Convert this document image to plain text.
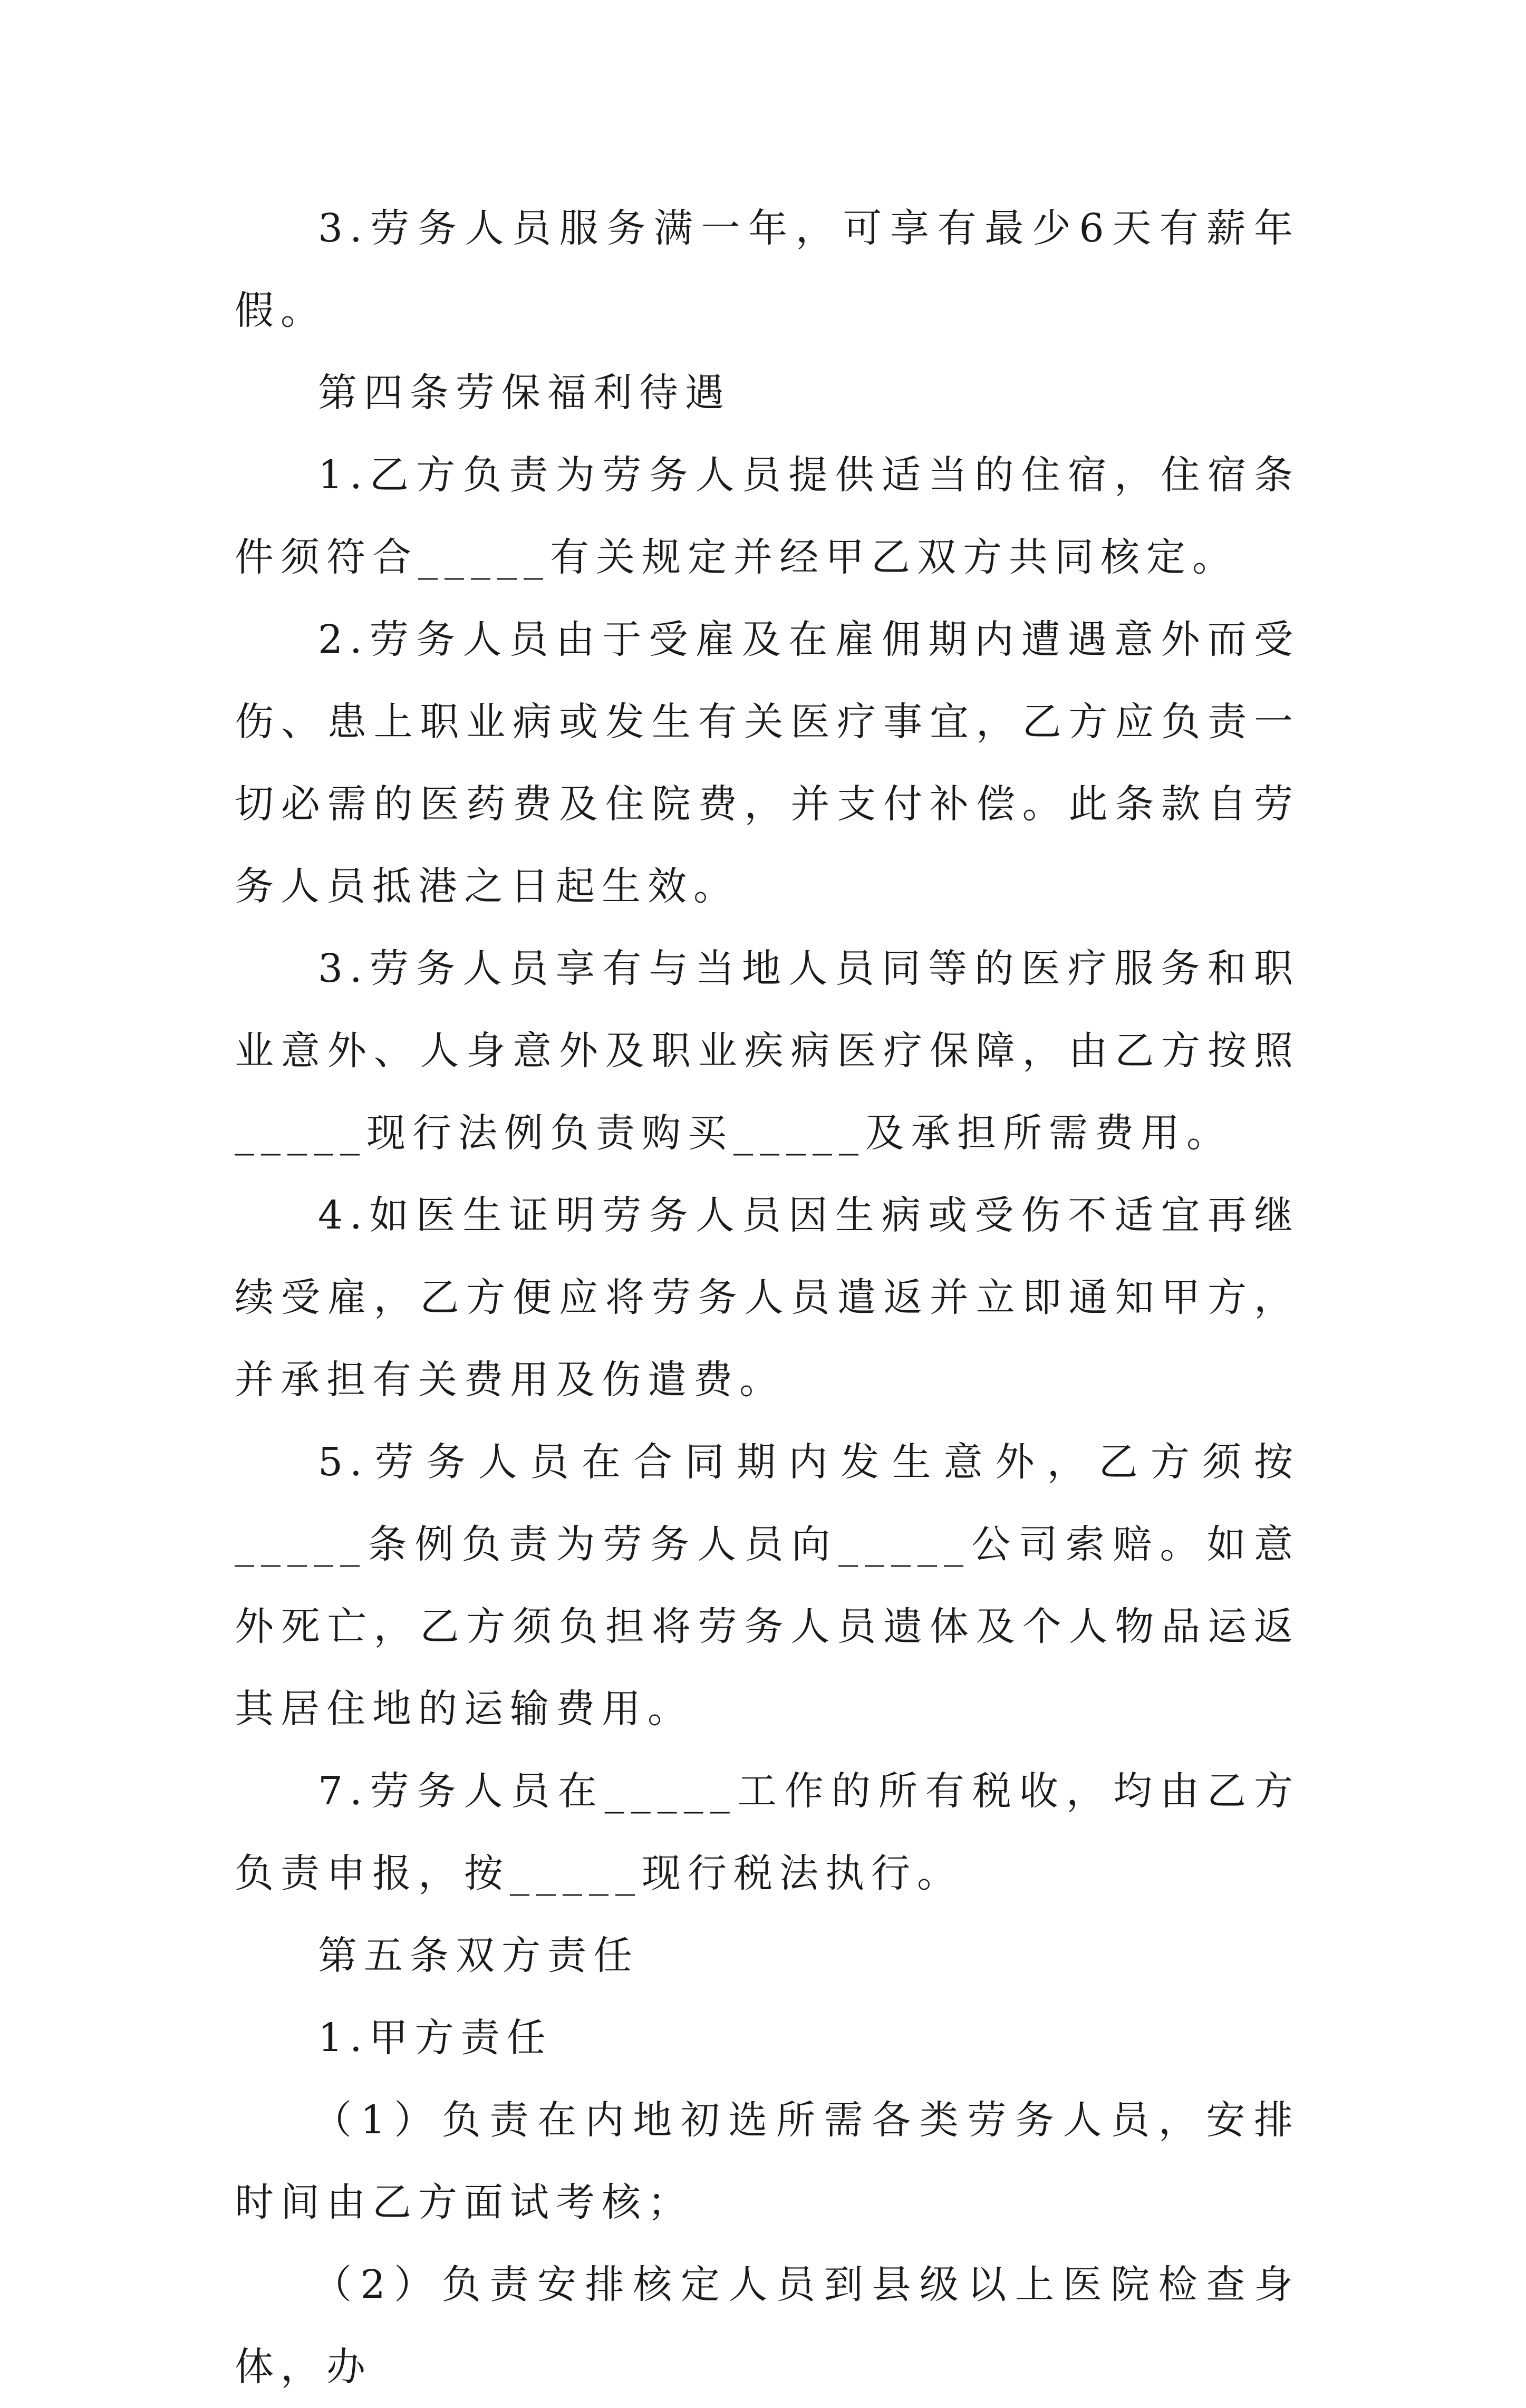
3.劳务人员服务满一年，可享有最少6天有薪年假。

第四条劳保福利待遇

1.乙方负责为劳务人员提供适当的住宿，住宿条件须符合_____有关规定并经甲乙双方共同核定。

2.劳务人员由于受雇及在雇佣期内遭遇意外而受伤、患上职业病或发生有关医疗事宜，乙方应负责一切必需的医药费及住院费，并支付补偿。此条款自劳务人员抵港之日起生效。

3.劳务人员享有与当地人员同等的医疗服务和职业意外、人身意外及职业疾病医疗保障，由乙方按照_____现行法例负责购买_____及承担所需费用。

4.如医生证明劳务人员因生病或受伤不适宜再继续受雇，乙方便应将劳务人员遣返并立即通知甲方，并承担有关费用及伤遣费。

5.劳务人员在合同期内发生意外，乙方须按_____条例负责为劳务人员向_____公司索赔。如意外死亡，乙方须负担将劳务人员遗体及个人物品运返其居住地的运输费用。

7.劳务人员在_____工作的所有税收，均由乙方负责申报，按_____现行税法执行。

第五条双方责任

1.甲方责任

（1）负责在内地初选所需各类劳务人员，安排时间由乙方面试考核；

（2）负责安排核定人员到县级以上医院检查身体，办
